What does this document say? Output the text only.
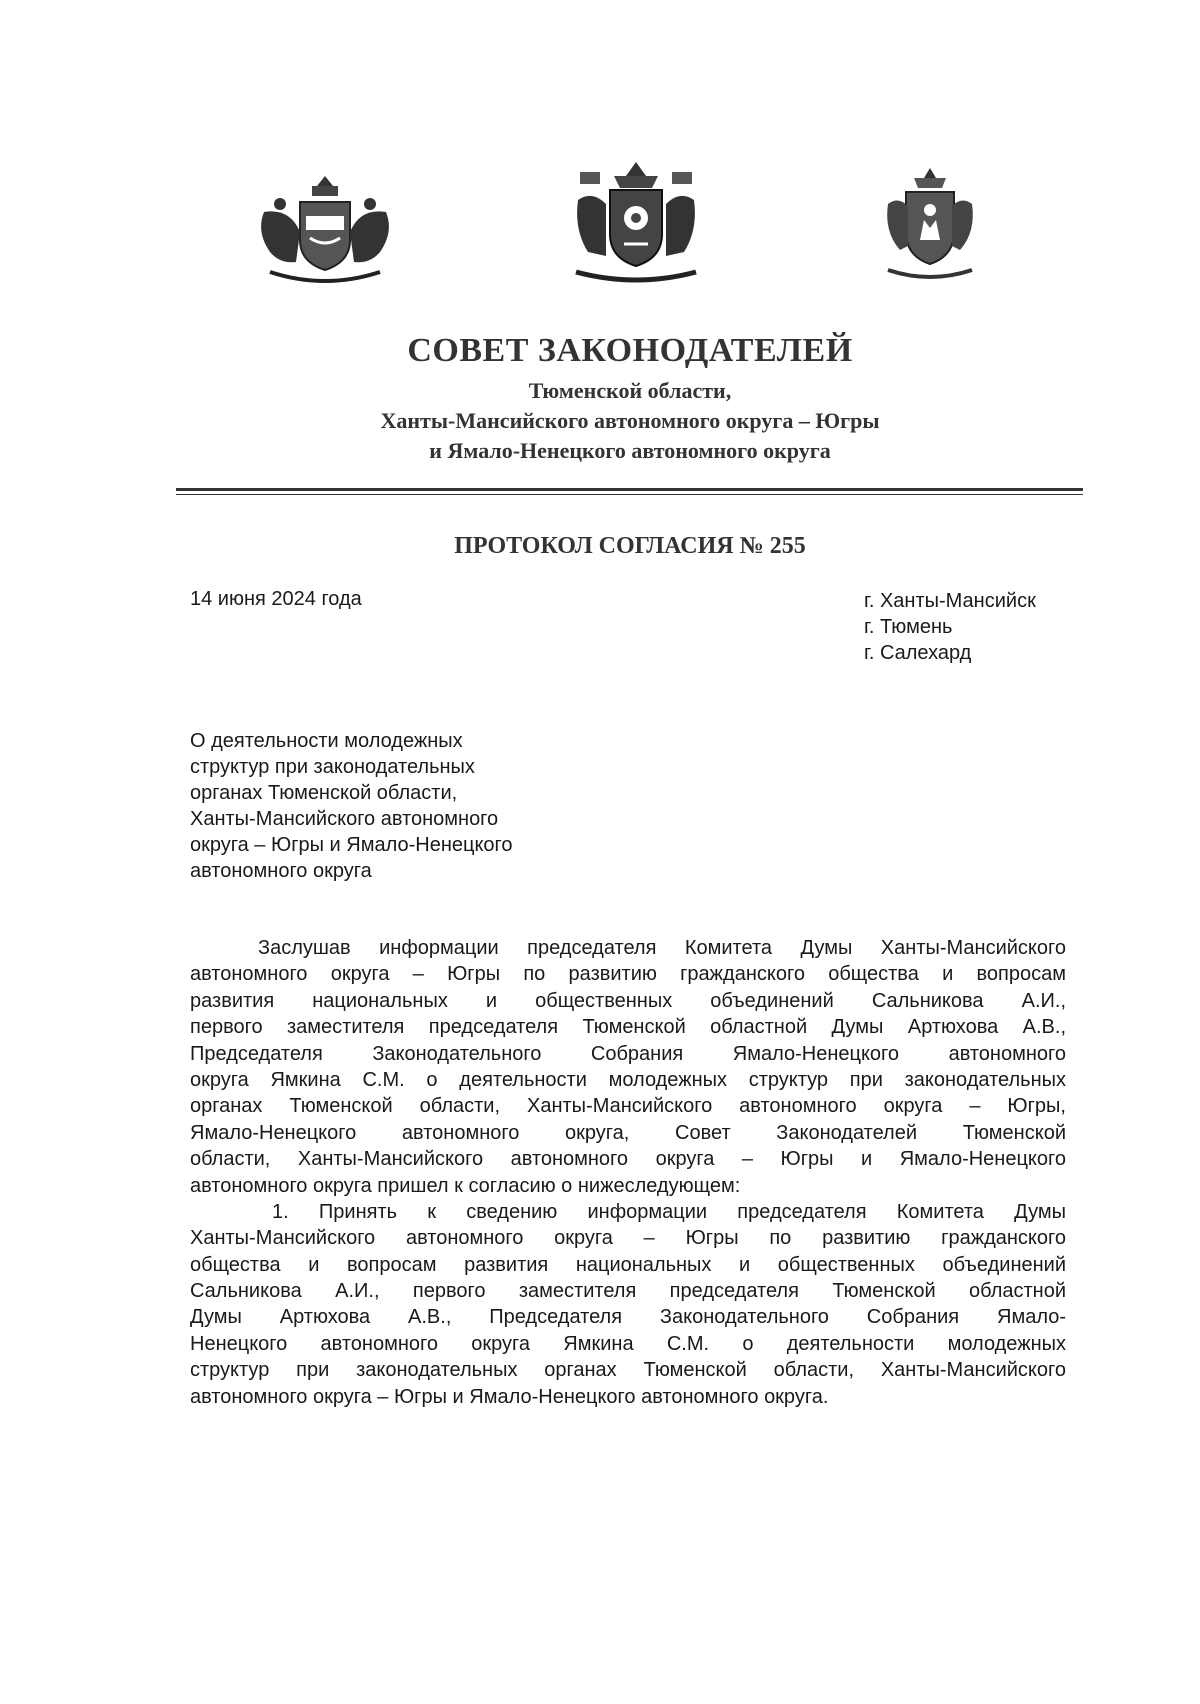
СОВЕТ ЗАКОНОДАТЕЛЕЙ
Тюменской области,
Ханты-Мансийского автономного округа – Югры
и Ямало-Ненецкого автономного округа
ПРОТОКОЛ СОГЛАСИЯ № 255
14 июня 2024 года	г. Ханты-Мансийск
г. Тюмень
г. Салехард
О деятельности молодежных
структур при законодательных
органах Тюменской области,
Ханты-Мансийского автономного
округа – Югры и Ямало-Ненецкого
автономного округа
Заслушав информации председателя Комитета Думы Ханты-Мансийского
автономного округа – Югры по развитию гражданского общества и вопросам
развития национальных и общественных объединений Сальникова А.И.,
первого заместителя председателя Тюменской областной Думы Артюхова А.В.,
Председателя Законодательного Собрания Ямало-Ненецкого автономного
округа Ямкина С.М. о деятельности молодежных структур при законодательных
органах Тюменской области, Ханты-Мансийского автономного округа – Югры,
Ямало-Ненецкого автономного округа, Совет Законодателей Тюменской
области, Ханты-Мансийского автономного округа – Югры и Ямало-Ненецкого
автономного округа пришел к согласию о нижеследующем:
1. Принять к сведению информации председателя Комитета Думы
Ханты-Мансийского автономного округа – Югры по развитию гражданского
общества и вопросам развития национальных и общественных объединений
Сальникова А.И., первого заместителя председателя Тюменской областной
Думы Артюхова А.В., Председателя Законодательного Собрания Ямало-
Ненецкого автономного округа Ямкина С.М. о деятельности молодежных
структур при законодательных органах Тюменской области, Ханты-Мансийского
автономного округа – Югры и Ямало-Ненецкого автономного округа.
